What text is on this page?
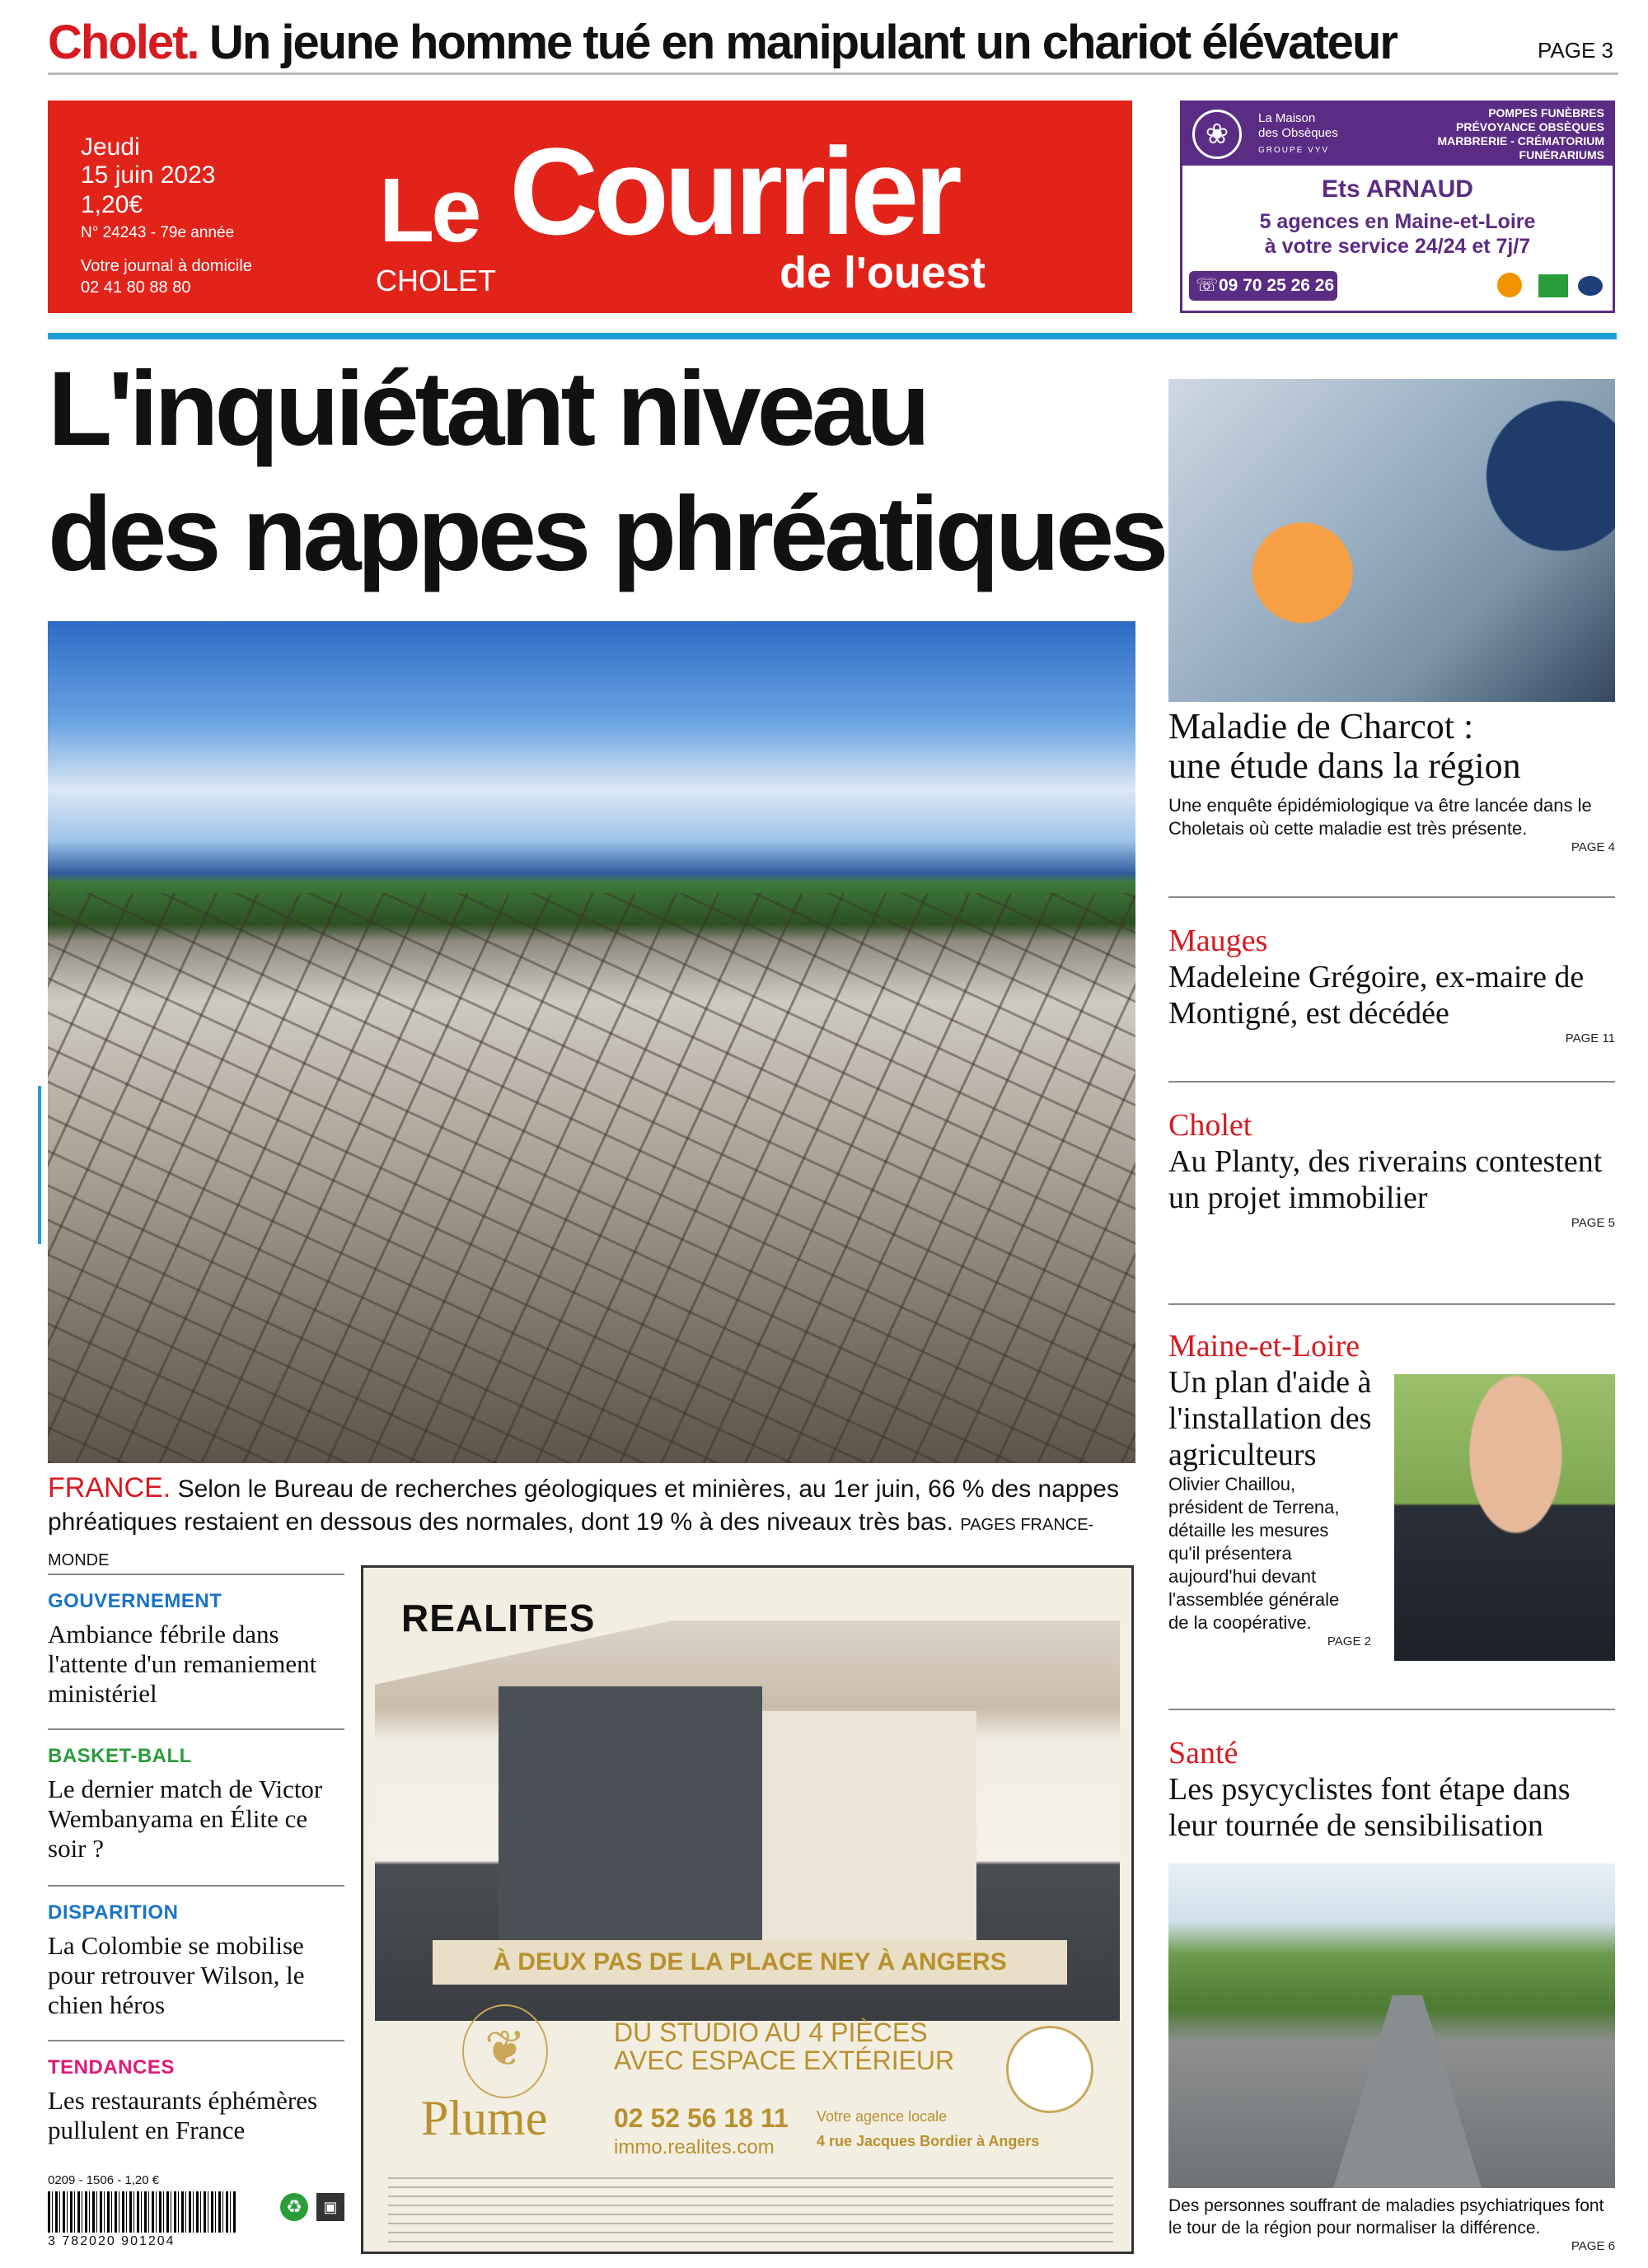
Cholet. Un jeune homme tué en manipulant un chariot élévateur	PAGE 3
Jeudi
15 juin 2023
1,20€
N° 24243 - 79e année
Votre journal à domicile
02 41 80 88 80
Le Courrier
de l'ouest
CHOLET
❀
La Maison
des Obsèques
GROUPE VYV
POMPES FUNÈBRES
PRÉVOYANCE OBSÈQUES
MARBRERIE - CRÉMATORIUM
FUNÉRARIUMS
Ets ARNAUD
5 agences en Maine-et-Loire
à votre service 24/24 et 7j/7
☏ 09 70 25 26 26
L'inquiétant niveau
des nappes phréatiques
FRANCE. Selon le Bureau de recherches géologiques et minières, au 1er juin, 66 % des nappes phréatiques restaient en dessous des normales, dont 19 % à des niveaux très bas. PAGES FRANCE-MONDE
GOUVERNEMENT
Ambiance fébrile dans l'attente d'un remaniement ministériel
BASKET-BALL
Le dernier match de Victor Wembanyama en Élite ce soir ?
DISPARITION
La Colombie se mobilise pour retrouver Wilson, le chien héros
TENDANCES
Les restaurants éphémères pullulent en France
0209 - 1506 - 1,20 €
3 782020 901204
♻	▣
REALITES
À DEUX PAS DE LA PLACE NEY À ANGERS
❦
Plume
DU STUDIO AU 4 PIÈCES
AVEC ESPACE EXTÉRIEUR
02 52 56 18 11
immo.realites.com
Votre agence locale
4 rue Jacques Bordier à Angers
Maladie de Charcot :
une étude dans la région
Une enquête épidémiologique va être lancée dans le Choletais où cette maladie est très présente.
PAGE 4
Mauges
Madeleine Grégoire, ex-maire de Montigné, est décédée
PAGE 11
Cholet
Au Planty, des riverains contestent un projet immobilier
PAGE 5
Maine-et-Loire
Un plan d'aide à l'installation des agriculteurs
Olivier Chaillou, président de Terrena, détaille les mesures qu'il présentera aujourd'hui devant l'assemblée générale de la coopérative.
PAGE 2
Santé
Les psycyclistes font étape dans leur tournée de sensibilisation
Des personnes souffrant de maladies psychiatriques font le tour de la région pour normaliser la différence.
PAGE 6
